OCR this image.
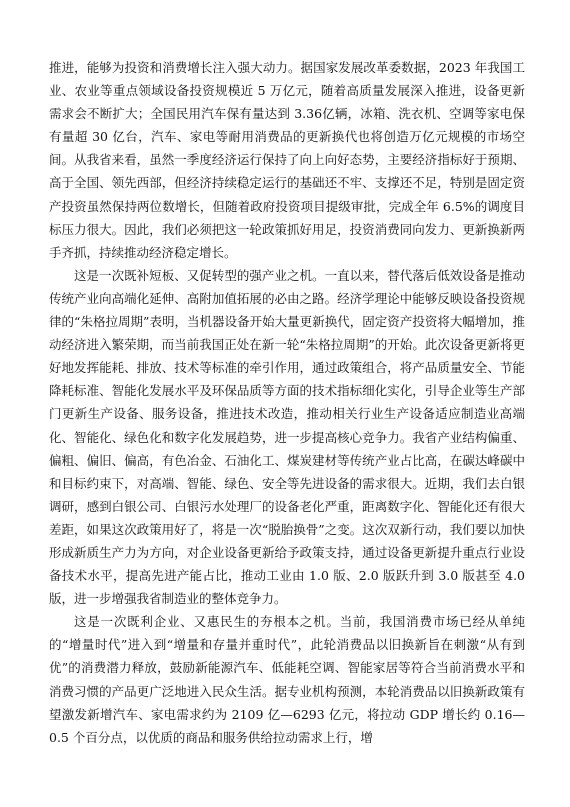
推进，能够为投资和消费增长注入强大动力。据国家发展改革委数据，2023 年我国工业、农业等重点领域设备投资规模近 5 万亿元，随着高质量发展深入推进，设备更新需求会不断扩大；全国民用汽车保有量达到 3.36亿辆，冰箱、洗衣机、空调等家电保有量超 30 亿台，汽车、家电等耐用消费品的更新换代也将创造万亿元规模的市场空间。从我省来看，虽然一季度经济运行保持了向上向好态势，主要经济指标好于预期、高于全国、领先西部，但经济持续稳定运行的基础还不牢、支撑还不足，特别是固定资产投资虽然保持两位数增长，但随着政府投资项目提级审批，完成全年 6.5%的调度目标压力很大。因此，我们必须把这一轮政策抓好用足，投资消费同向发力、更新换新两手齐抓，持续推动经济稳定增长。

这是一次既补短板、又促转型的强产业之机。一直以来，替代落后低效设备是推动传统产业向高端化延伸、高附加值拓展的必由之路。经济学理论中能够反映设备投资规律的“朱格拉周期”表明，当机器设备开始大量更新换代，固定资产投资将大幅增加，推动经济进入繁荣期，而当前我国正处在新一轮“朱格拉周期”的开始。此次设备更新将更好地发挥能耗、排放、技术等标准的牵引作用，通过政策组合，将产品质量安全、节能降耗标准、智能化发展水平及环保品质等方面的技术指标细化实化，引导企业等生产部门更新生产设备、服务设备，推进技术改造，推动相关行业生产设备适应制造业高端化、智能化、绿色化和数字化发展趋势，进一步提高核心竞争力。我省产业结构偏重、偏粗、偏旧、偏高，有色冶金、石油化工、煤炭建材等传统产业占比高，在碳达峰碳中和目标约束下，对高端、智能、绿色、安全等先进设备的需求很大。近期，我们去白银调研，感到白银公司、白银污水处理厂的设备老化严重，距离数字化、智能化还有很大差距，如果这次政策用好了，将是一次“脱胎换骨”之变。这次双新行动，我们要以加快形成新质生产力为方向，对企业设备更新给予政策支持，通过设备更新提升重点行业设备技术水平，提高先进产能占比，推动工业由 1.0 版、2.0 版跃升到 3.0 版甚至 4.0 版，进一步增强我省制造业的整体竞争力。

这是一次既利企业、又惠民生的夯根本之机。当前，我国消费市场已经从单纯的“增量时代”进入到“增量和存量并重时代”，此轮消费品以旧换新旨在刺激“从有到优”的消费潜力释放，鼓励新能源汽车、低能耗空调、智能家居等符合当前消费水平和消费习惯的产品更广泛地进入民众生活。据专业机构预测，本轮消费品以旧换新政策有望激发新增汽车、家电需求约为 2109 亿—6293 亿元，将拉动 GDP 增长约 0.16—0.5 个百分点，以优质的商品和服务供给拉动需求上行，增
